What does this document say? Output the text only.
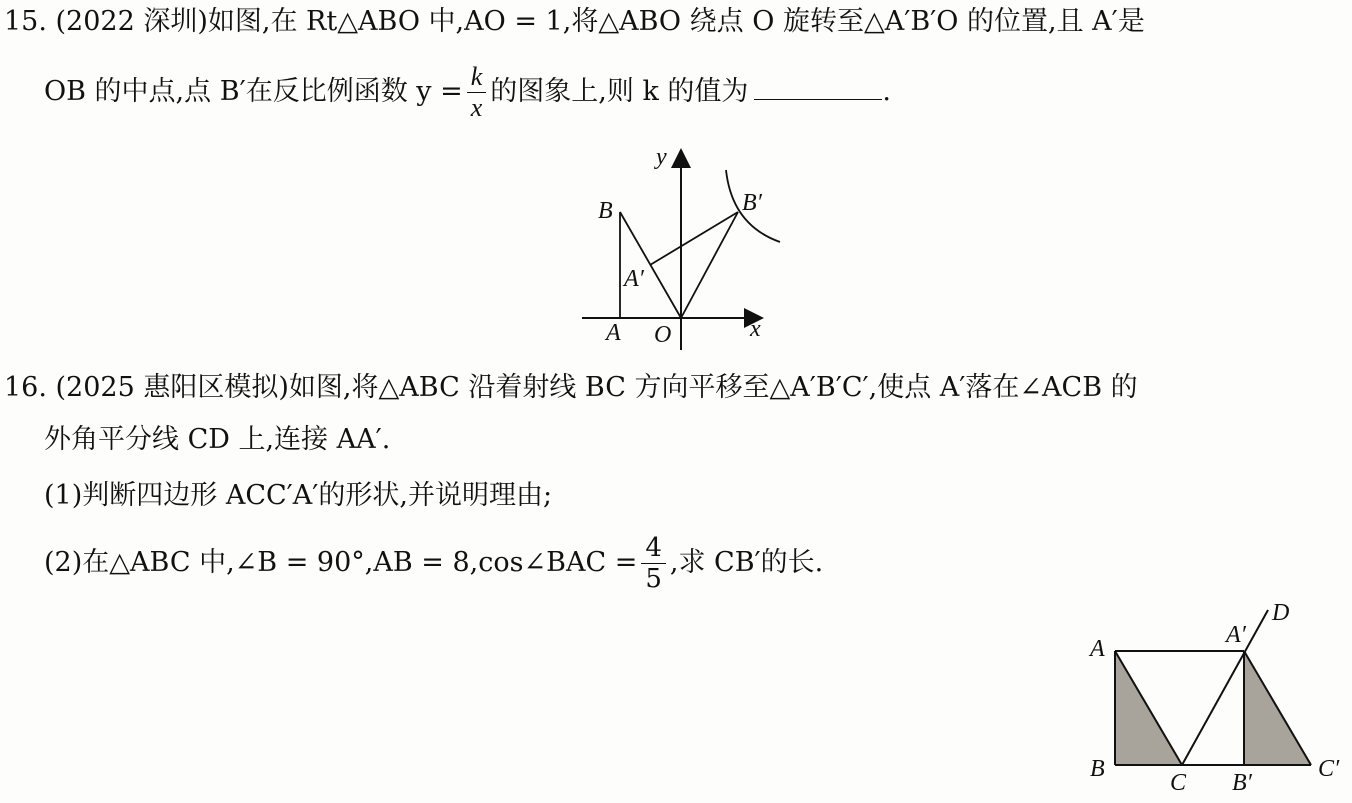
15. (2022 深圳)如图,在 Rt△ABO 中,AO = 1,将△ABO 绕点 O 旋转至△A′B′O 的位置,且 A′是
OB 的中点,点 B′在反比例函数 $y = \frac{k}{x}$ 的图象上,则 k 的值为	.
y
B	B′
A′
A O	x
16. (2025 惠阳区模拟)如图,将△ABC 沿着射线 BC 方向平移至△A′B′C′,使点 A′落在∠ACB 的
外角平分线 CD 上,连接 AA′.
(1)判断四边形 ACC′A′的形状,并说明理由;
(2)在△ABC 中,∠B = 90°,AB = 8,cos∠BAC = $\frac{4}{5}$ ,求 CB′的长.
A
A′
D
B
C B′
C′
